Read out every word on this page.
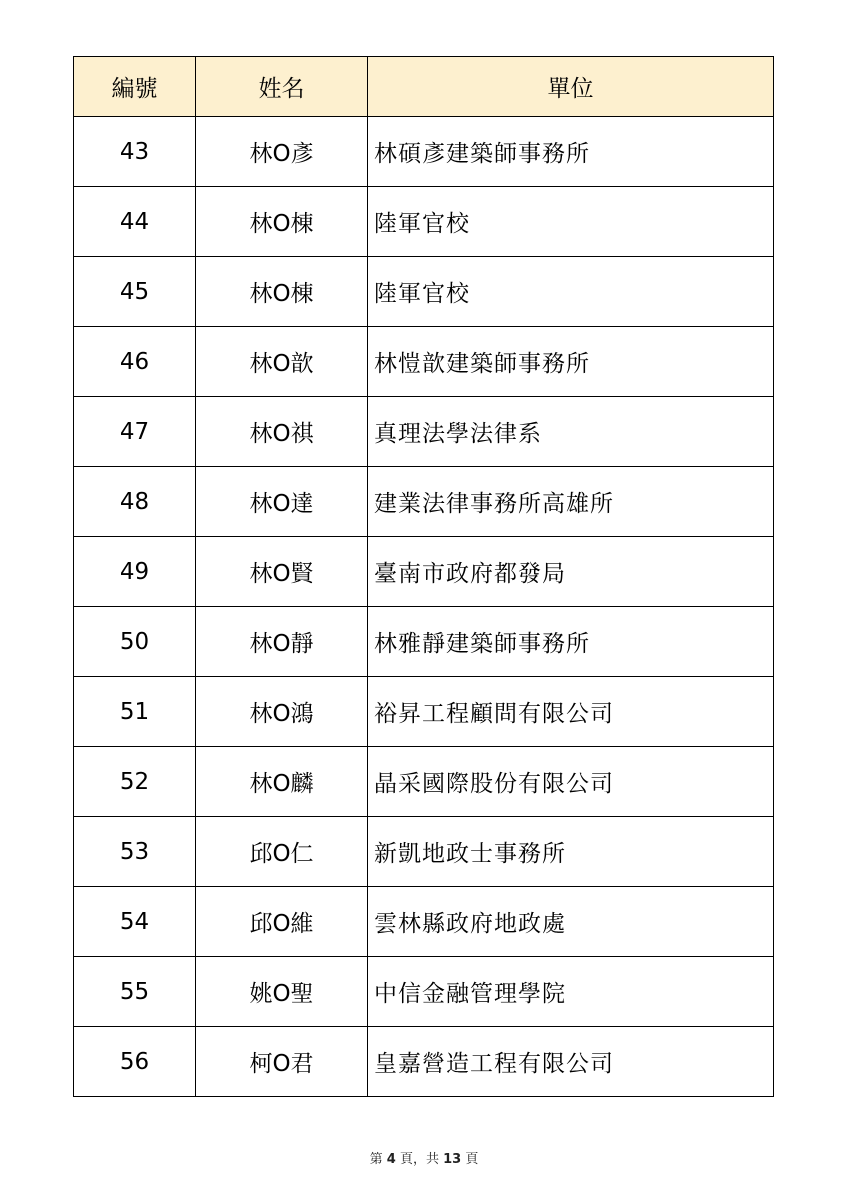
編號	姓名	單位
43	林O彥	林碩彥建築師事務所
44	林O棟	陸軍官校
45	林O棟	陸軍官校
46	林O歆	林愷歆建築師事務所
47	林O祺	真理法學法律系
48	林O達	建業法律事務所高雄所
49	林O賢	臺南市政府都發局
50	林O靜	林雅靜建築師事務所
51	林O鴻	裕昇工程顧問有限公司
52	林O麟	晶采國際股份有限公司
53	邱O仁	新凱地政士事務所
54	邱O維	雲林縣政府地政處
55	姚O聖	中信金融管理學院
56	柯O君	皇嘉營造工程有限公司
第 4 頁，共 13 頁
